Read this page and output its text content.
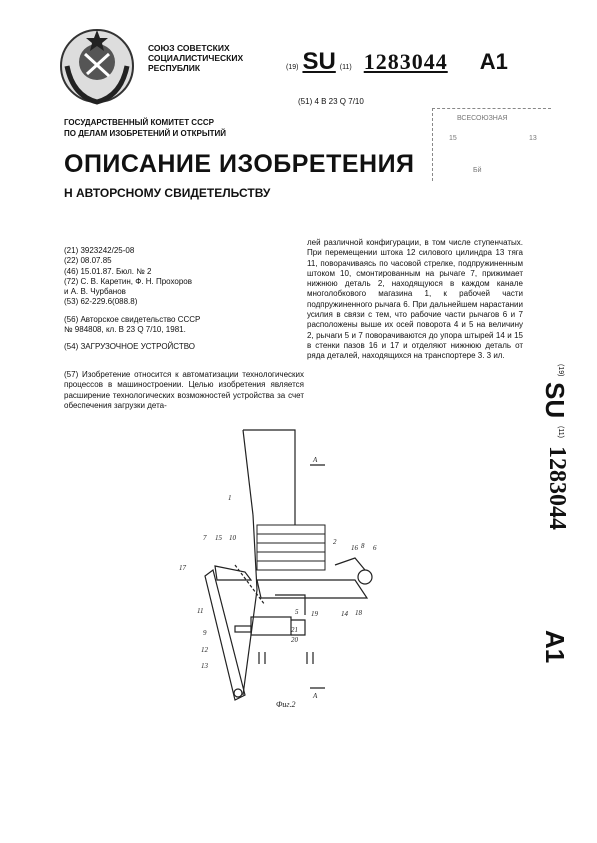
СОЮЗ СОВЕТСКИХ
СОЦИАЛИСТИЧЕСКИХ
РЕСПУБЛИК	(19) SU (11) 1283044 A1
(51) 4 В 23 Q 7/10
ГОСУДАРСТВЕННЫЙ КОМИТЕТ СССР
ПО ДЕЛАМ ИЗОБРЕТЕНИЙ И ОТКРЫТИЙ
ВСЕСОЮЗНАЯ
15	13
Бй
ОПИСАНИЕ ИЗОБРЕТЕНИЯ
Н АВТОРСНОМУ СВИДЕТЕЛЬСТВУ

(21) 3923242/25-08

(22) 08.07.85

(46) 15.01.87. Бюл. № 2

(72) С. В. Каретин, Ф. Н. Прохоров

и А. В. Чурбанов

(53) 62-229.6(088.8)

(56) Авторское свидетельство СССР

№ 984808, кл. В 23 Q 7/10, 1981.

(54) ЗАГРУЗОЧНОЕ УСТРОЙСТВО

(57) Изобретение относится к автоматизации технологических процессов в машиностроении. Целью изобретения является расширение технологических возможностей устройства за счет обеспечения загрузки дета-
лей различной конфигурации, в том числе ступенчатых. При перемещении штока 12 силового цилиндра 13 тяга 11, поворачиваясь по часовой стрелке, подпружиненным штоком 10, смонтированным на рычаге 7, прижимает нижнюю деталь 2, находящуюся в каждом канале многолобкового магазина 1, к рабочей части подпружиненного рычага 6. При дальнейшем нарастании усилия в связи с тем, что рабочие части рычагов 6 и 7 расположены выше их осей поворота 4 и 5 на величину 2, рычаги 5 и 7 поворачиваются до упора штырей 14 и 15 в стенки пазов 16 и 17 и отделяют нижнюю деталь от ряда деталей, находящихся на транспортере 3. 3 ил.
(19)
SU
(11)
1283044
A1
1
2
5
6
7
8
9
10
11
12
13
14
15
16
17
18
19
20
21
А
А
Фиг.2
